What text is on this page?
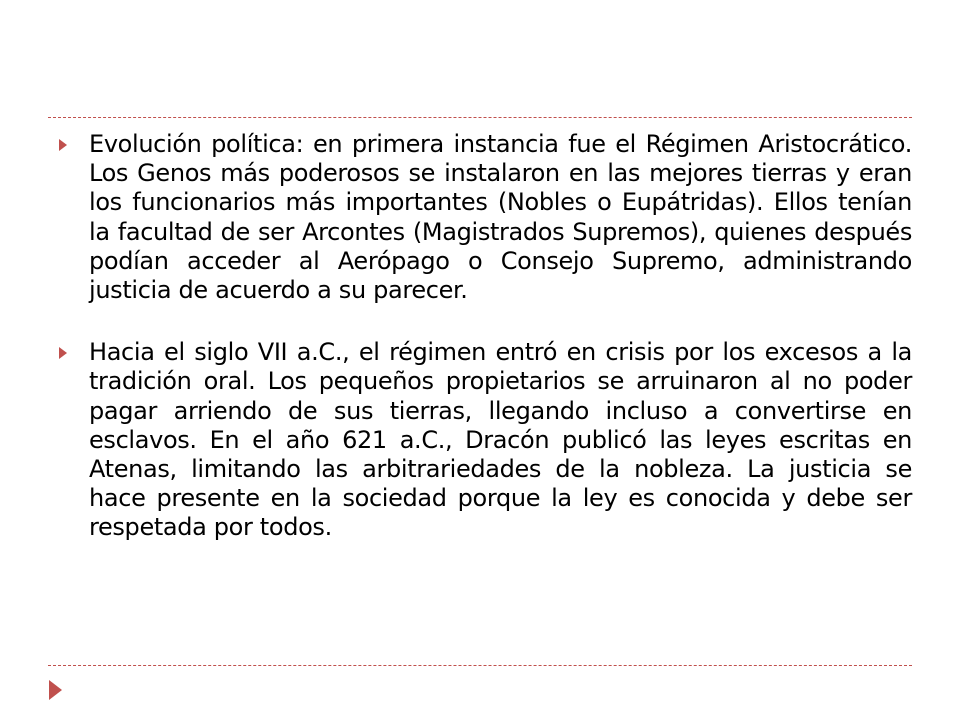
Evolución política: en primera instancia fue el Régimen Aristocrático. Los Genos más poderosos se instalaron en las mejores tierras y eran los funcionarios más importantes (Nobles o Eupátridas). Ellos tenían la facultad de ser Arcontes (Magistrados Supremos), quienes después podían acceder al Aerópago o Consejo Supremo, administrando justicia de acuerdo a su parecer.
Hacia el siglo VII a.C., el régimen entró en crisis por los excesos a la tradición oral. Los pequeños propietarios se arruinaron al no poder pagar arriendo de sus tierras, llegando incluso a convertirse en esclavos. En el año 621 a.C., Dracón publicó las leyes escritas en Atenas, limitando las arbitrariedades de la nobleza. La justicia se hace presente en la sociedad porque la ley es conocida y debe ser respetada por todos.
